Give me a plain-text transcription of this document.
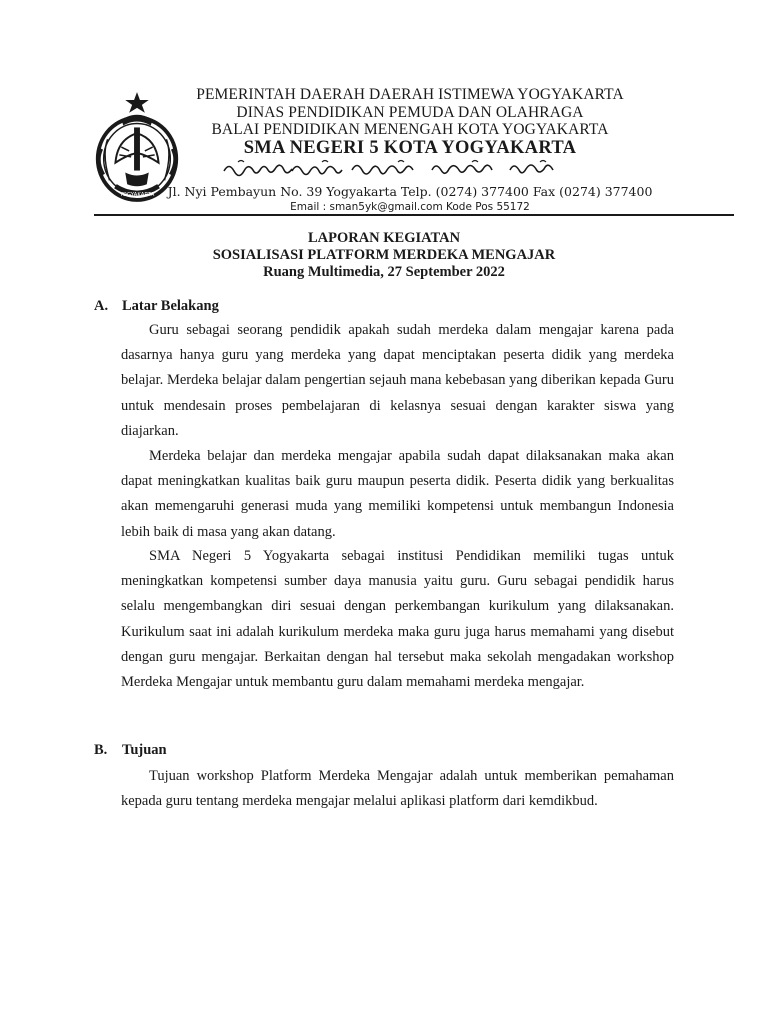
YOGYAKARTA
PEMERINTAH DAERAH DAERAH ISTIMEWA YOGYAKARTA
DINAS PENDIDIKAN PEMUDA DAN OLAHRAGA
BALAI PENDIDIKAN MENENGAH KOTA YOGYAKARTA
SMA NEGERI 5 KOTA YOGYAKARTA
Jl. Nyi Pembayun No. 39 Yogyakarta Telp. (0274) 377400 Fax (0274) 377400
Email : sman5yk@gmail.com Kode Pos 55172
LAPORAN KEGIATAN
SOSIALISASI PLATFORM MERDEKA MENGAJAR
Ruang Multimedia, 27 September 2022
A. Latar Belakang
Guru sebagai seorang pendidik apakah sudah merdeka dalam mengajar karena pada dasarnya hanya guru yang merdeka yang dapat menciptakan peserta didik yang merdeka belajar. Merdeka belajar dalam pengertian sejauh mana kebebasan yang diberikan kepada Guru untuk mendesain proses pembelajaran di kelasnya sesuai dengan karakter siswa yang diajarkan.
Merdeka belajar dan merdeka mengajar apabila sudah dapat dilaksanakan maka akan dapat meningkatkan kualitas baik guru maupun peserta didik. Peserta didik yang berkualitas akan memengaruhi generasi muda yang memiliki kompetensi untuk membangun Indonesia lebih baik di masa yang akan datang.
SMA Negeri 5 Yogyakarta sebagai institusi Pendidikan memiliki tugas untuk meningkatkan kompetensi sumber daya manusia yaitu guru. Guru sebagai pendidik harus selalu mengembangkan diri sesuai dengan perkembangan kurikulum yang dilaksanakan. Kurikulum saat ini adalah kurikulum merdeka maka guru juga harus memahami yang disebut dengan guru mengajar. Berkaitan dengan hal tersebut maka sekolah mengadakan workshop Merdeka Mengajar untuk membantu guru dalam memahami merdeka mengajar.
B. Tujuan
Tujuan workshop Platform Merdeka Mengajar adalah untuk memberikan pemahaman kepada guru tentang merdeka mengajar melalui aplikasi platform dari kemdikbud.
